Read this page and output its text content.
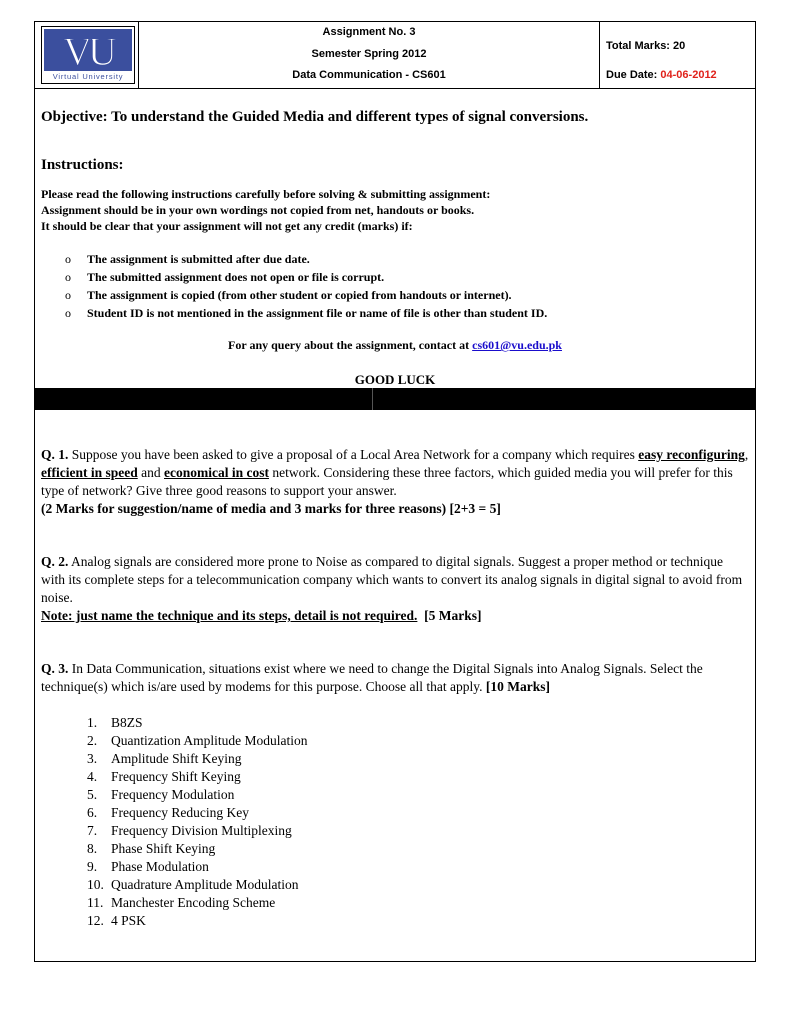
VU
Virtual University
Assignment No. 3
Semester Spring 2012
Data Communication - CS601
Total Marks: 20
Due Date: 04-06-2012
Objective: To understand the Guided Media and different types of signal conversions.
Instructions:
Please read the following instructions carefully before solving & submitting assignment:
Assignment should be in your own wordings not copied from net, handouts or books.
It should be clear that your assignment will not get any credit (marks) if:
o The assignment is submitted after due date.
o The submitted assignment does not open or file is corrupt.
o The assignment is copied (from other student or copied from handouts or internet).
o Student ID is not mentioned in the assignment file or name of file is other than student ID.
For any query about the assignment, contact at cs601@vu.edu.pk
GOOD LUCK
Q. 1. Suppose you have been asked to give a proposal of a Local Area Network for a company which requires easy reconfiguring, efficient in speed and economical in cost network. Considering these three factors, which guided media you will prefer for this type of network? Give three good reasons to support your answer.
(2 Marks for suggestion/name of media and 3 marks for three reasons) [2+3 = 5]
Q. 2. Analog signals are considered more prone to Noise as compared to digital signals. Suggest a proper method or technique with its complete steps for a telecommunication company which wants to convert its analog signals in digital signal to avoid from noise.
Note: just name the technique and its steps, detail is not required. [5 Marks]
Q. 3. In Data Communication, situations exist where we need to change the Digital Signals into Analog Signals. Select the technique(s) which is/are used by modems for this purpose. Choose all that apply. [10 Marks]
1. B8ZS
2. Quantization Amplitude Modulation
3. Amplitude Shift Keying
4. Frequency Shift Keying
5. Frequency Modulation
6. Frequency Reducing Key
7. Frequency Division Multiplexing
8. Phase Shift Keying
9. Phase Modulation
10. Quadrature Amplitude Modulation
11. Manchester Encoding Scheme
12. 4 PSK
